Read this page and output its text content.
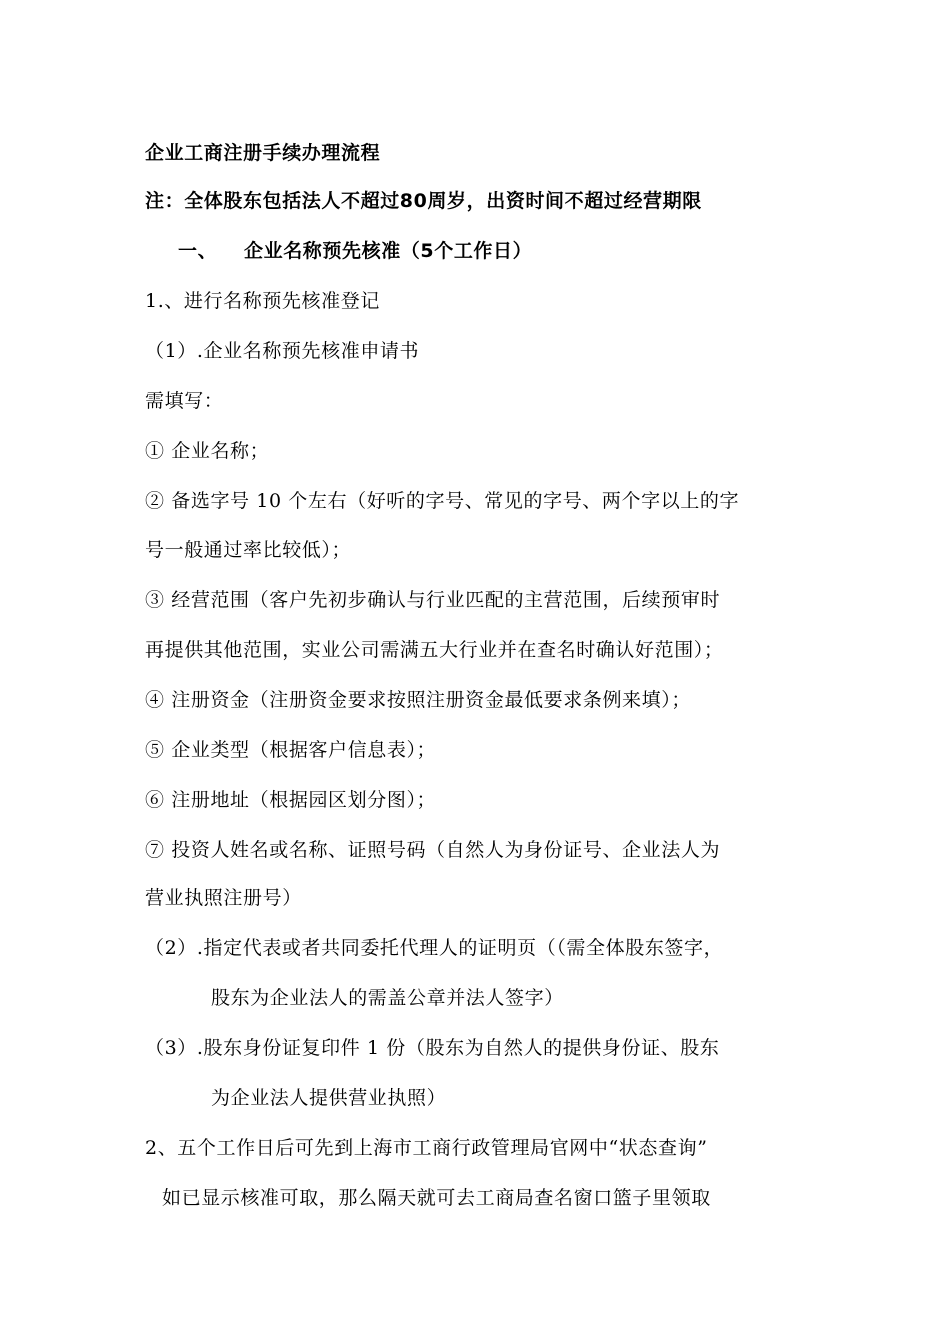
企业工商注册手续办理流程
注：全体股东包括法人不超过80周岁，出资时间不超过经营期限
一、 企业名称预先核准（5个工作日）
1.、进行名称预先核准登记
（1）.企业名称预先核准申请书
需填写：
① 企业名称；
② 备选字号 10 个左右（好听的字号、常见的字号、两个字以上的字
号一般通过率比较低）；
③ 经营范围（客户先初步确认与行业匹配的主营范围，后续预审时
再提供其他范围，实业公司需满五大行业并在查名时确认好范围）；
④ 注册资金（注册资金要求按照注册资金最低要求条例来填）；
⑤ 企业类型（根据客户信息表）；
⑥ 注册地址（根据园区划分图）；
⑦ 投资人姓名或名称、证照号码（自然人为身份证号、企业法人为
营业执照注册号）
（2）.指定代表或者共同委托代理人的证明页（（需全体股东签字，
股东为企业法人的需盖公章并法人签字）
（3）.股东身份证复印件 1 份（股东为自然人的提供身份证、股东
为企业法人提供营业执照）
2、五个工作日后可先到上海市工商行政管理局官网中“状态查询”
如已显示核准可取，那么隔天就可去工商局查名窗口篮子里领取
